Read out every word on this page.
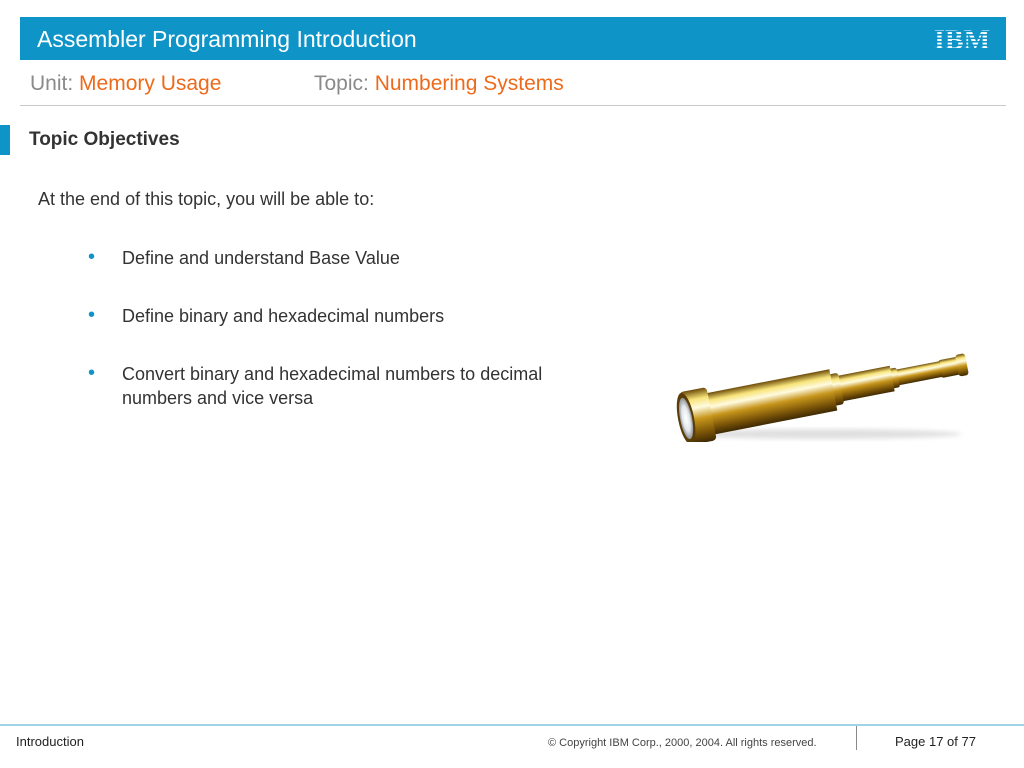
Assembler Programming Introduction
Unit: Memory Usage	Topic: Numbering Systems
Topic Objectives
At the end of this topic, you will be able to:
• Define and understand Base Value
• Define binary and hexadecimal numbers
• Convert binary and hexadecimal numbers to decimal numbers and vice versa
Introduction	© Copyright IBM Corp., 2000, 2004. All rights reserved.	Page 17 of 77
